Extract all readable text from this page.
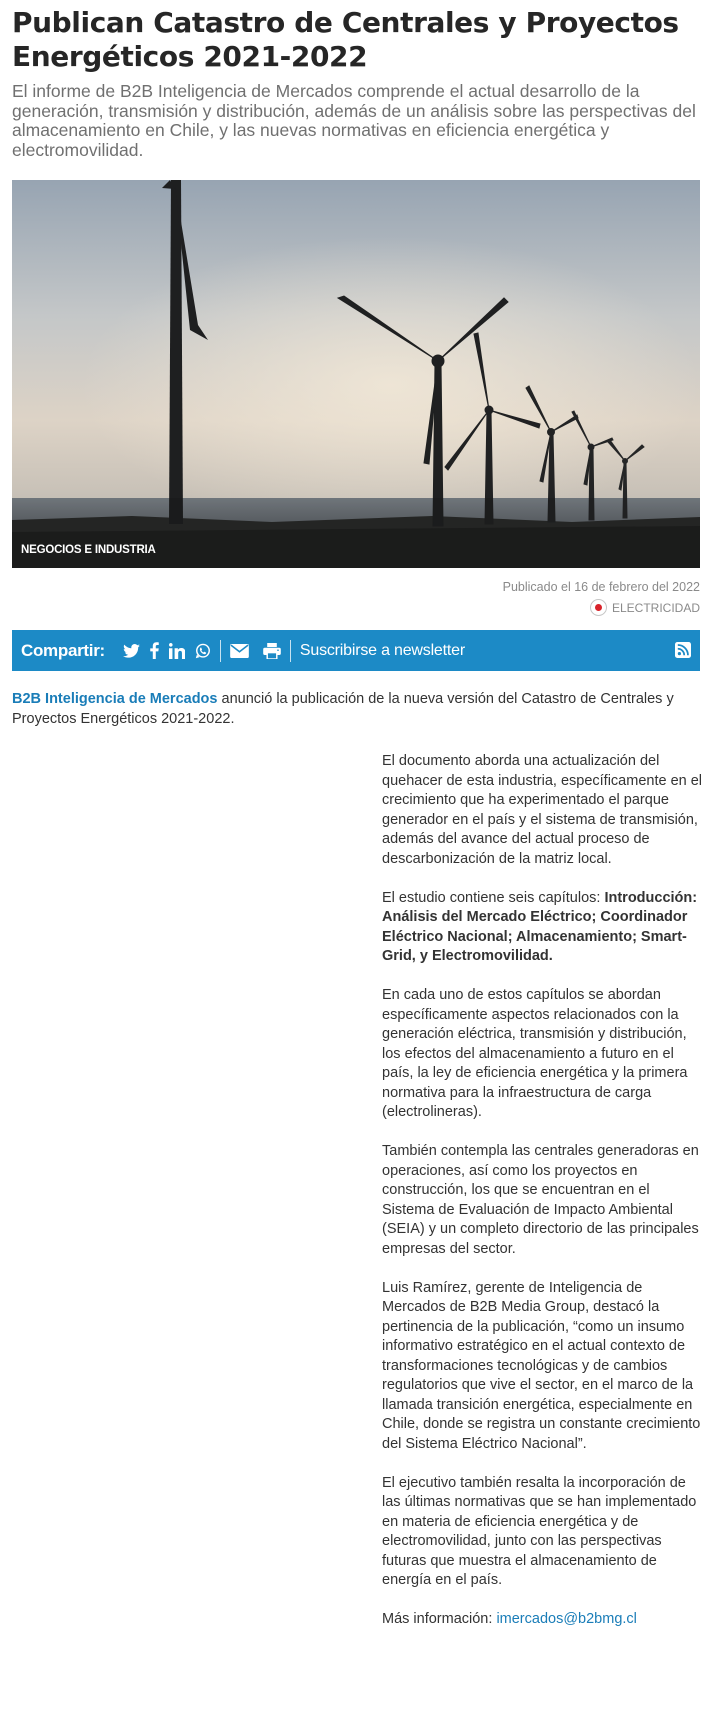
Publican Catastro de Centrales y Proyectos Energéticos 2021-2022

El informe de B2B Inteligencia de Mercados comprende el actual desarrollo de la generación, transmisión y distribución, además de un análisis sobre las perspectivas del almacenamiento en Chile, y las nuevas normativas en eficiencia energética y electromovilidad.

NEGOCIOS E INDUSTRIA
Publicado el 16 de febrero del 2022
ELECTRICIDAD
Compartir:	Suscribirse a newsletter

B2B Inteligencia de Mercados anunció la publicación de la nueva versión del Catastro de Centrales y Proyectos Energéticos 2021-2022.

El documento aborda una actualización del quehacer de esta industria, específicamente en el crecimiento que ha experimentado el parque generador en el país y el sistema de transmisión, además del avance del actual proceso de descarbonización de la matriz local.

El estudio contiene seis capítulos: Introducción: Análisis del Mercado Eléctrico; Coordinador Eléctrico Nacional; Almacenamiento; Smart-Grid, y Electromovilidad.

En cada uno de estos capítulos se abordan específicamente aspectos relacionados con la generación eléctrica, transmisión y distribución, los efectos del almacenamiento a futuro en el país, la ley de eficiencia energética y la primera normativa para la infraestructura de carga (electrolineras).

También contempla las centrales generadoras en operaciones, así como los proyectos en construcción, los que se encuentran en el Sistema de Evaluación de Impacto Ambiental (SEIA) y un completo directorio de las principales empresas del sector.

Luis Ramírez, gerente de Inteligencia de Mercados de B2B Media Group, destacó la pertinencia de la publicación, “como un insumo informativo estratégico en el actual contexto de transformaciones tecnológicas y de cambios regulatorios que vive el sector, en el marco de la llamada transición energética, especialmente en Chile, donde se registra un constante crecimiento del Sistema Eléctrico Nacional”.

El ejecutivo también resalta la incorporación de las últimas normativas que se han implementado en materia de eficiencia energética y de electromovilidad, junto con las perspectivas futuras que muestra el almacenamiento de energía en el país.

Más información: imercados@b2bmg.cl
